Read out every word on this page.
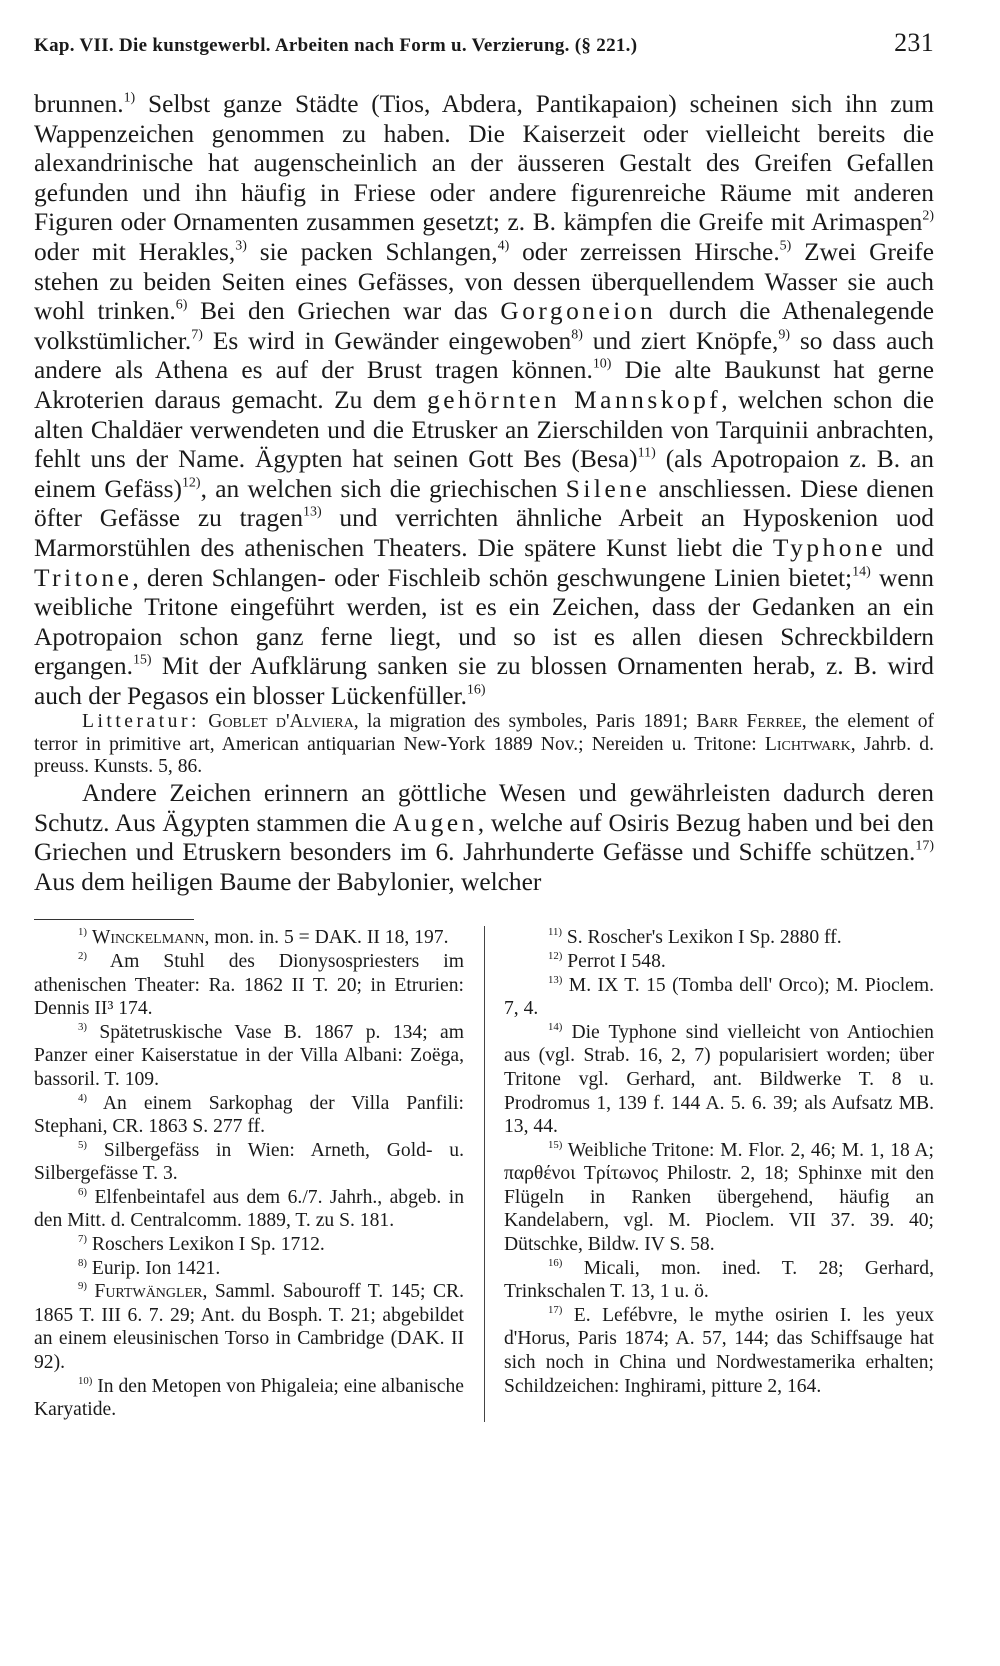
Kap. VII. Die kunstgewerbl. Arbeiten nach Form u. Verzierung. (§ 221.)	231

brunnen.$^{1)}$ Selbst ganze Städte (Tios, Abdera, Pantikapaion) scheinen sich ihn zum Wappenzeichen genommen zu haben. Die Kaiserzeit oder vielleicht bereits die alexandrinische hat augenscheinlich an der äusseren Gestalt des Greifen Gefallen gefunden und ihn häufig in Friese oder andere figurenreiche Räume mit anderen Figuren oder Ornamenten zusammen gesetzt; z. B. kämpfen die Greife mit Arimaspen$^{2)}$ oder mit Herakles,$^{3)}$ sie packen Schlangen,$^{4)}$ oder zerreissen Hirsche.$^{5)}$ Zwei Greife stehen zu beiden Seiten eines Gefässes, von dessen überquellendem Wasser sie auch wohl trinken.$^{6)}$ Bei den Griechen war das Gorgoneion durch die Athenalegende volkstümlicher.$^{7)}$ Es wird in Gewänder eingewoben$^{8)}$ und ziert Knöpfe,$^{9)}$ so dass auch andere als Athena es auf der Brust tragen können.$^{10)}$ Die alte Baukunst hat gerne Akroterien daraus gemacht. Zu dem gehörnten Mannskopf, welchen schon die alten Chaldäer verwendeten und die Etrusker an Zierschilden von Tarquinii anbrachten, fehlt uns der Name. Ägypten hat seinen Gott Bes (Besa)$^{11)}$ (als Apotropaion z. B. an einem Gefäss)$^{12)}$, an welchen sich die griechischen Silene anschliessen. Diese dienen öfter Gefässe zu tragen$^{13)}$ und verrichten ähnliche Arbeit an Hyposkenion uod Marmorstühlen des athenischen Theaters. Die spätere Kunst liebt die Typhone und Tritone, deren Schlangen- oder Fischleib schön geschwungene Linien bietet;$^{14)}$ wenn weibliche Tritone eingeführt werden, ist es ein Zeichen, dass der Gedanken an ein Apotropaion schon ganz ferne liegt, und so ist es allen diesen Schreckbildern ergangen.$^{15)}$ Mit der Aufklärung sanken sie zu blossen Ornamenten herab, z. B. wird auch der Pegasos ein blosser Lückenfüller.$^{16)}$

Litteratur: Goblet d'Alviera, la migration des symboles, Paris 1891; Barr Ferree, the element of terror in primitive art, American antiquarian New-York 1889 Nov.; Nereiden u. Tritone: Lichtwark, Jahrb. d. preuss. Kunsts. 5, 86.

Andere Zeichen erinnern an göttliche Wesen und gewährleisten dadurch deren Schutz. Aus Ägypten stammen die Augen, welche auf Osiris Bezug haben und bei den Griechen und Etruskern besonders im 6. Jahrhunderte Gefässe und Schiffe schützen.$^{17)}$ Aus dem heiligen Baume der Babylonier, welcher

$^{1)}$ Winckelmann, mon. in. 5 = DAK. II 18, 197.

$^{2)}$ Am Stuhl des Dionysospriesters im athenischen Theater: Ra. 1862 II T. 20; in Etrurien: Dennis II³ 174.

$^{3)}$ Spätetruskische Vase B. 1867 p. 134; am Panzer einer Kaiserstatue in der Villa Albani: Zoëga, bassoril. T. 109.

$^{4)}$ An einem Sarkophag der Villa Panfili: Stephani, CR. 1863 S. 277 ff.

$^{5)}$ Silbergefäss in Wien: Arneth, Gold- u. Silbergefässe T. 3.

$^{6)}$ Elfenbeintafel aus dem 6./7. Jahrh., abgeb. in den Mitt. d. Centralcomm. 1889, T. zu S. 181.

$^{7)}$ Roschers Lexikon I Sp. 1712.

$^{8)}$ Eurip. Ion 1421.

$^{9)}$ Furtwängler, Samml. Sabouroff T. 145; CR. 1865 T. III 6. 7. 29; Ant. du Bosph. T. 21; abgebildet an einem eleusinischen Torso in Cambridge (DAK. II 92).

$^{10)}$ In den Metopen von Phigaleia; eine albanische Karyatide.

$^{11)}$ S. Roscher's Lexikon I Sp. 2880 ff.

$^{12)}$ Perrot I 548.

$^{13)}$ M. IX T. 15 (Tomba dell' Orco); M. Pioclem. 7, 4.

$^{14)}$ Die Typhone sind vielleicht von Antiochien aus (vgl. Strab. 16, 2, 7) popularisiert worden; über Tritone vgl. Gerhard, ant. Bildwerke T. 8 u. Prodromus 1, 139 f. 144 A. 5. 6. 39; als Aufsatz MB. 13, 44.

$^{15)}$ Weibliche Tritone: M. Flor. 2, 46; M. 1, 18 A; παρθένοι Τρίτωνος Philostr. 2, 18; Sphinxe mit den Flügeln in Ranken übergehend, häufig an Kandelabern, vgl. M. Pioclem. VII 37. 39. 40; Dütschke, Bildw. IV S. 58.

$^{16)}$ Micali, mon. ined. T. 28; Gerhard, Trinkschalen T. 13, 1 u. ö.

$^{17)}$ E. Lefébvre, le mythe osirien I. les yeux d'Horus, Paris 1874; A. 57, 144; das Schiffsauge hat sich noch in China und Nordwestamerika erhalten; Schildzeichen: Inghirami, pitture 2, 164.
